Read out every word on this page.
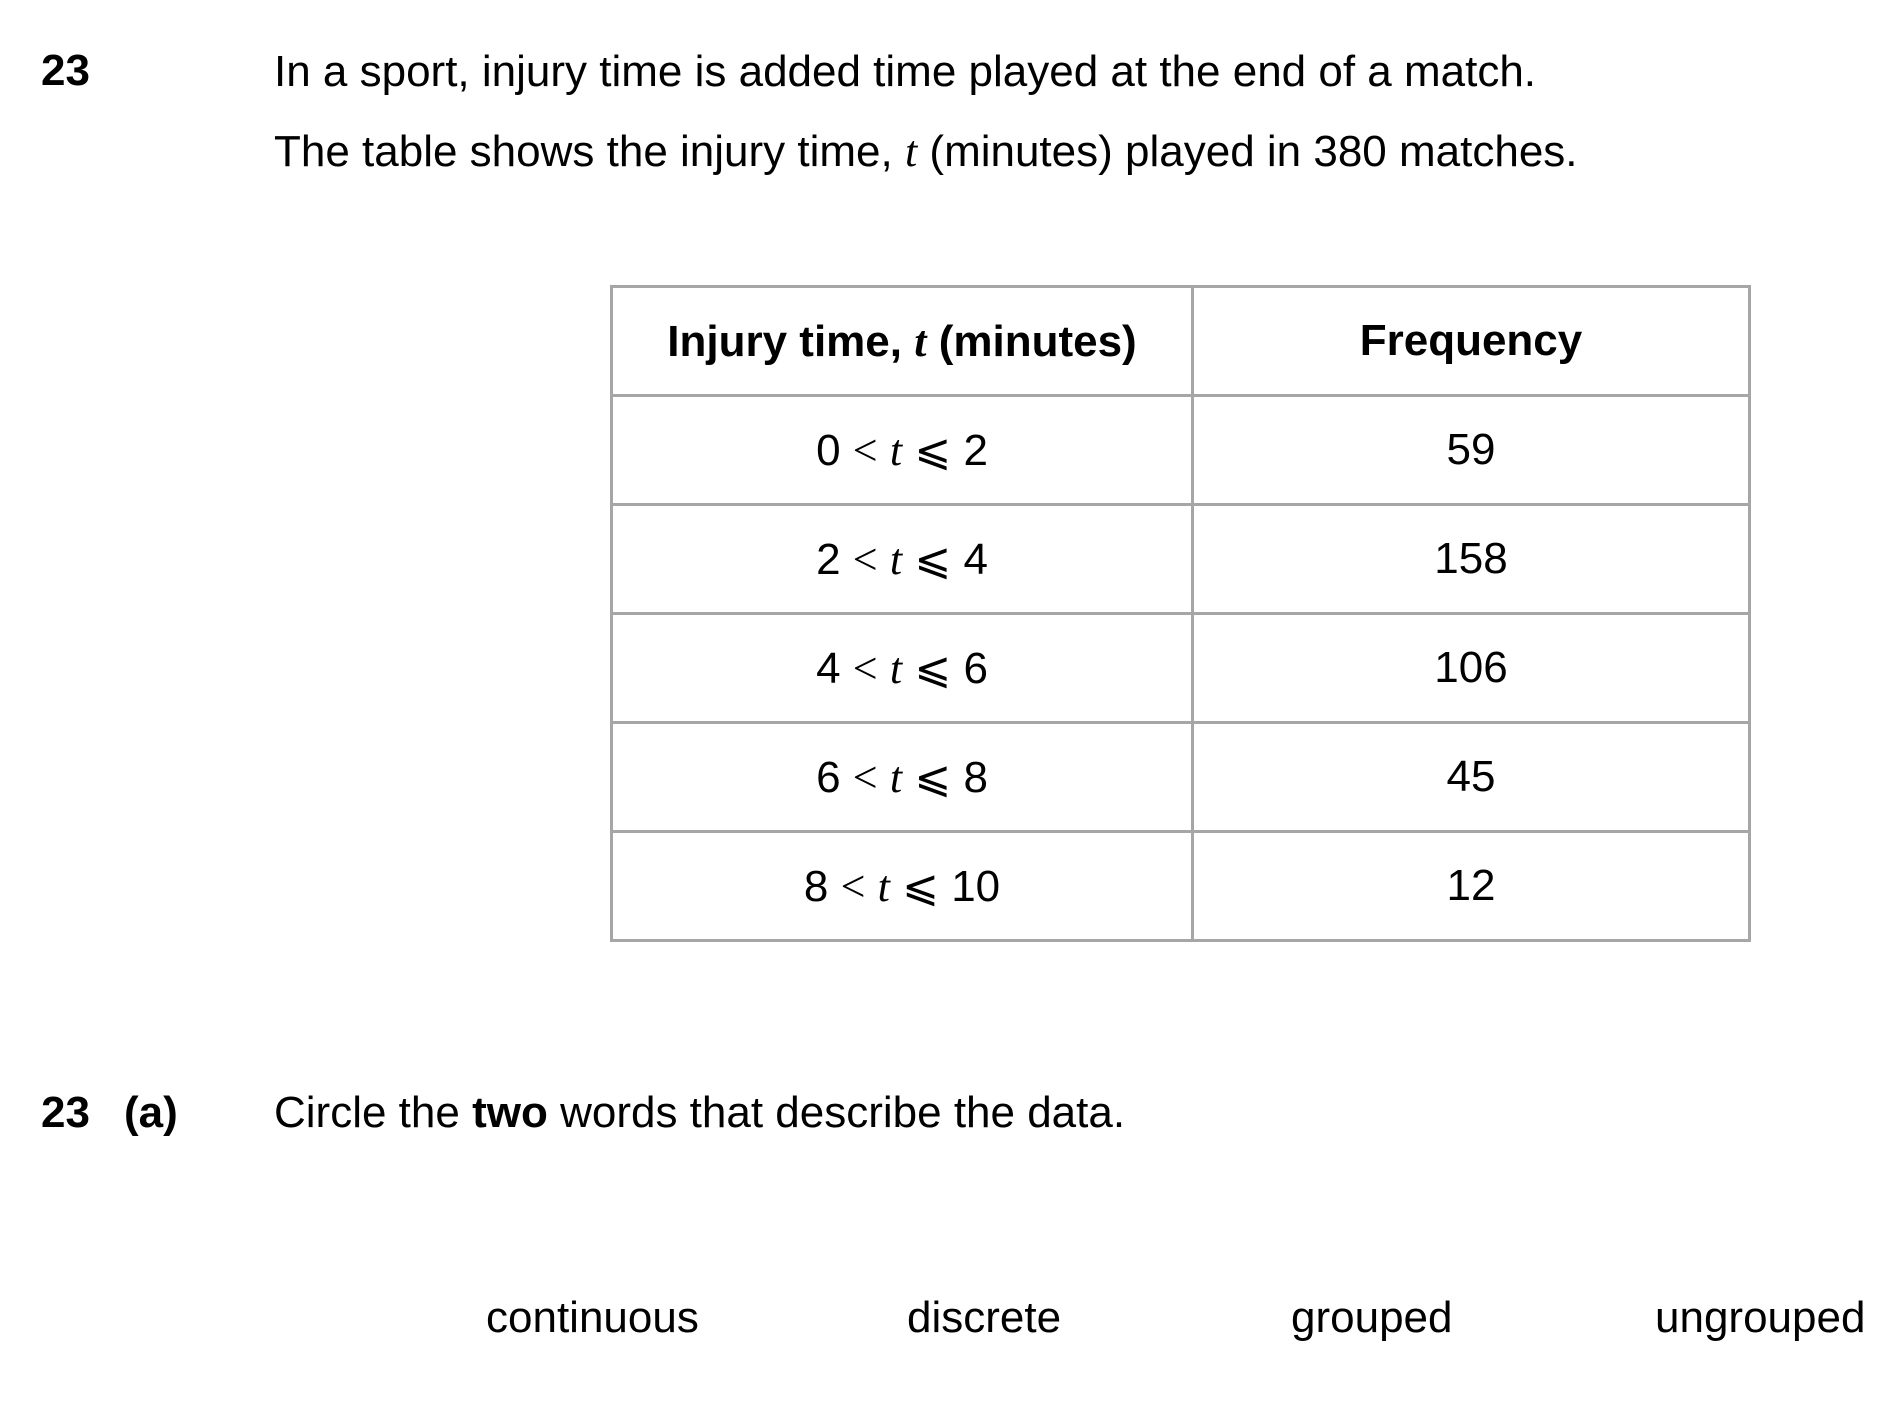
23	In a sport, injury time is added time played at the end of a match.
The table shows the injury time, t (minutes) played in 380 matches.
Injury time, t (minutes)	Frequency
0 < t ⩽ 2	59
2 < t ⩽ 4	158
4 < t ⩽ 6	106
6 < t ⩽ 8	45
8 < t ⩽ 10	12
23 (a) Circle the two words that describe the data.
continuous	discrete	grouped	ungrouped
